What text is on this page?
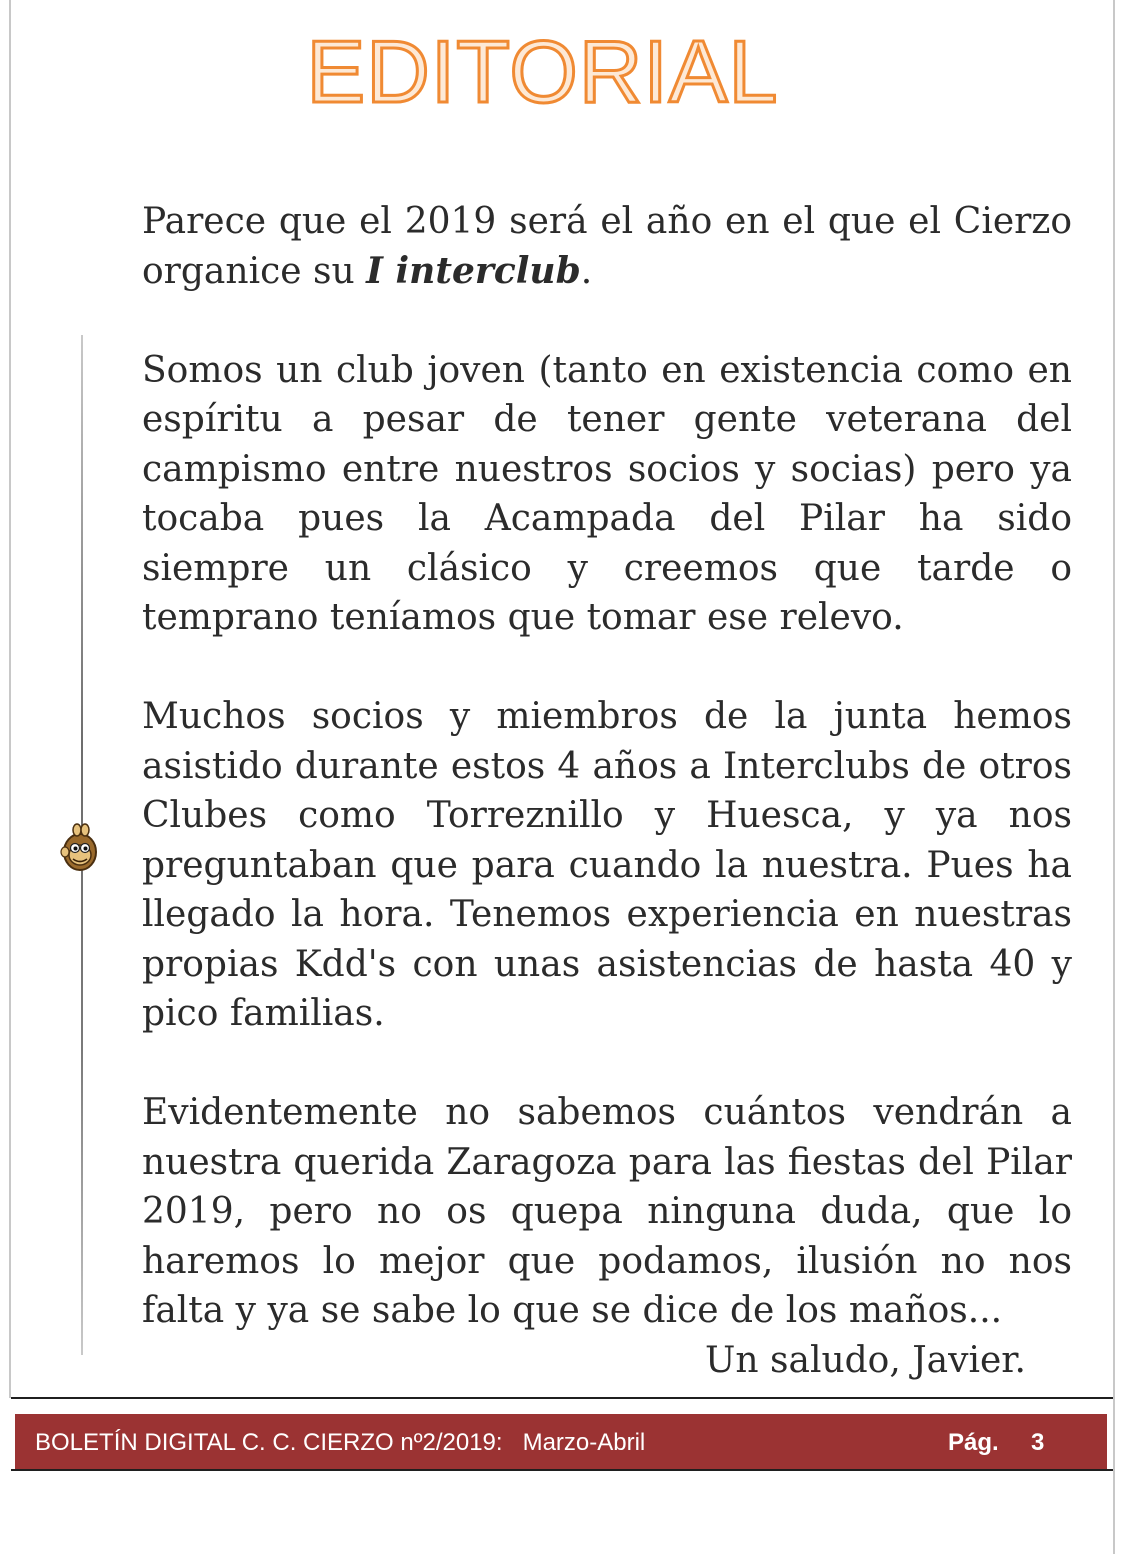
EDITORIAL

Parece que el 2019 será el año en el que el Cierzo organice su I interclub.

Somos un club joven (tanto en existencia como en espíritu a pesar de tener gente veterana del campismo entre nuestros socios y socias) pero ya tocaba pues la Acampada del Pilar ha sido siempre un clásico y creemos que tarde o temprano teníamos que tomar ese relevo.

Muchos socios y miembros de la junta hemos asistido durante estos 4 años a Interclubs de otros Clubes como Torreznillo y Huesca, y ya nos preguntaban que para cuando la nuestra. Pues ha llegado la hora. Tenemos experiencia en nuestras propias Kdd's con unas asistencias de hasta 40 y pico familias.

Evidentemente no sabemos cuántos vendrán a nuestra querida Zaragoza para las fiestas del Pilar 2019, pero no os quepa ninguna duda, que lo haremos lo mejor que podamos, ilusión no nos falta y ya se sabe lo que se dice de los maños...

Un saludo, Javier.
BOLETÍN DIGITAL C. C. CIERZO nº2/2019:   Marzo-Abril	Pág. 3
